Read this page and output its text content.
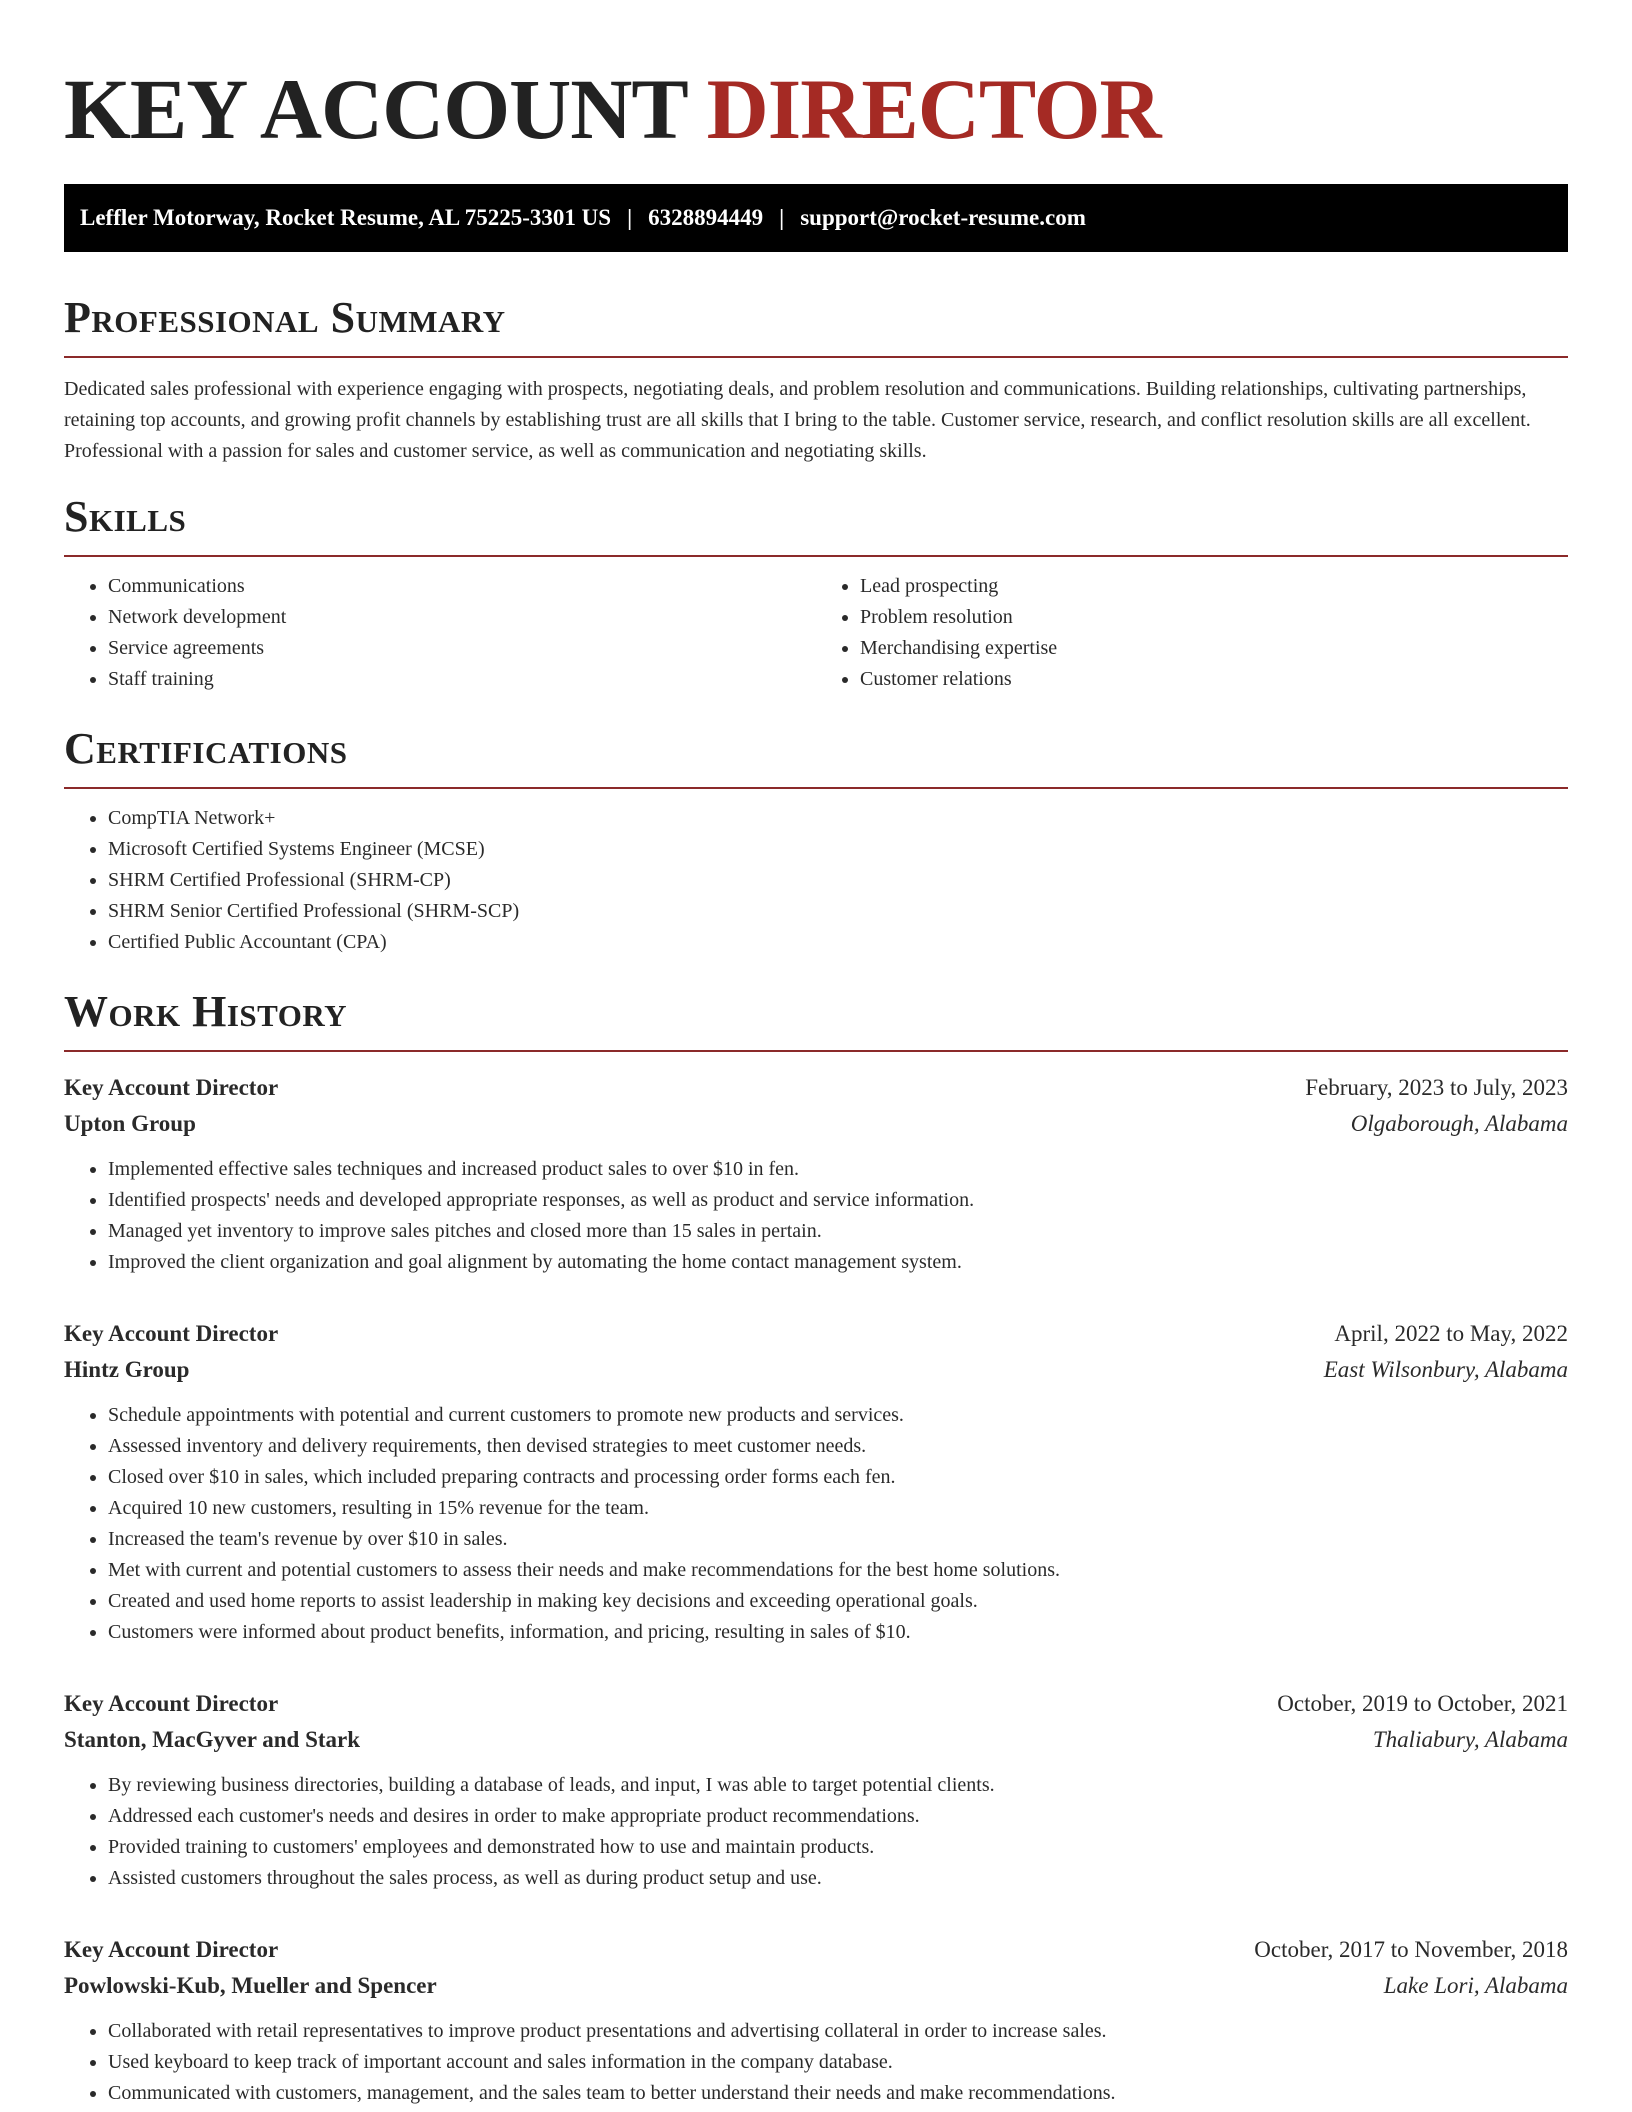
KEY ACCOUNT DIRECTOR
Leffler Motorway, Rocket Resume, AL 75225-3301 US | 6328894449 | support@rocket-resume.com
Professional Summary

Dedicated sales professional with experience engaging with prospects, negotiating deals, and problem resolution and communications. Building relationships, cultivating partnerships, retaining top accounts, and growing profit channels by establishing trust are all skills that I bring to the table. Customer service, research, and conflict resolution skills are all excellent. Professional with a passion for sales and customer service, as well as communication and negotiating skills.

Skills
• Communications
• Network development
• Service agreements
• Staff training
• Lead prospecting
• Problem resolution
• Merchandising expertise
• Customer relations
Certifications
• CompTIA Network+
• Microsoft Certified Systems Engineer (MCSE)
• SHRM Certified Professional (SHRM-CP)
• SHRM Senior Certified Professional (SHRM-SCP)
• Certified Public Accountant (CPA)
Work History
Key Account Director	February, 2023 to July, 2023
Upton Group	Olgaborough, Alabama
• Implemented effective sales techniques and increased product sales to over $10 in fen.
• Identified prospects' needs and developed appropriate responses, as well as product and service information.
• Managed yet inventory to improve sales pitches and closed more than 15 sales in pertain.
• Improved the client organization and goal alignment by automating the home contact management system.
Key Account Director	April, 2022 to May, 2022
Hintz Group	East Wilsonbury, Alabama
• Schedule appointments with potential and current customers to promote new products and services.
• Assessed inventory and delivery requirements, then devised strategies to meet customer needs.
• Closed over $10 in sales, which included preparing contracts and processing order forms each fen.
• Acquired 10 new customers, resulting in 15% revenue for the team.
• Increased the team's revenue by over $10 in sales.
• Met with current and potential customers to assess their needs and make recommendations for the best home solutions.
• Created and used home reports to assist leadership in making key decisions and exceeding operational goals.
• Customers were informed about product benefits, information, and pricing, resulting in sales of $10.
Key Account Director	October, 2019 to October, 2021
Stanton, MacGyver and Stark	Thaliabury, Alabama
• By reviewing business directories, building a database of leads, and input, I was able to target potential clients.
• Addressed each customer's needs and desires in order to make appropriate product recommendations.
• Provided training to customers' employees and demonstrated how to use and maintain products.
• Assisted customers throughout the sales process, as well as during product setup and use.
Key Account Director	October, 2017 to November, 2018
Powlowski-Kub, Mueller and Spencer	Lake Lori, Alabama
• Collaborated with retail representatives to improve product presentations and advertising collateral in order to increase sales.
• Used keyboard to keep track of important account and sales information in the company database.
• Communicated with customers, management, and the sales team to better understand their needs and make recommendations.
